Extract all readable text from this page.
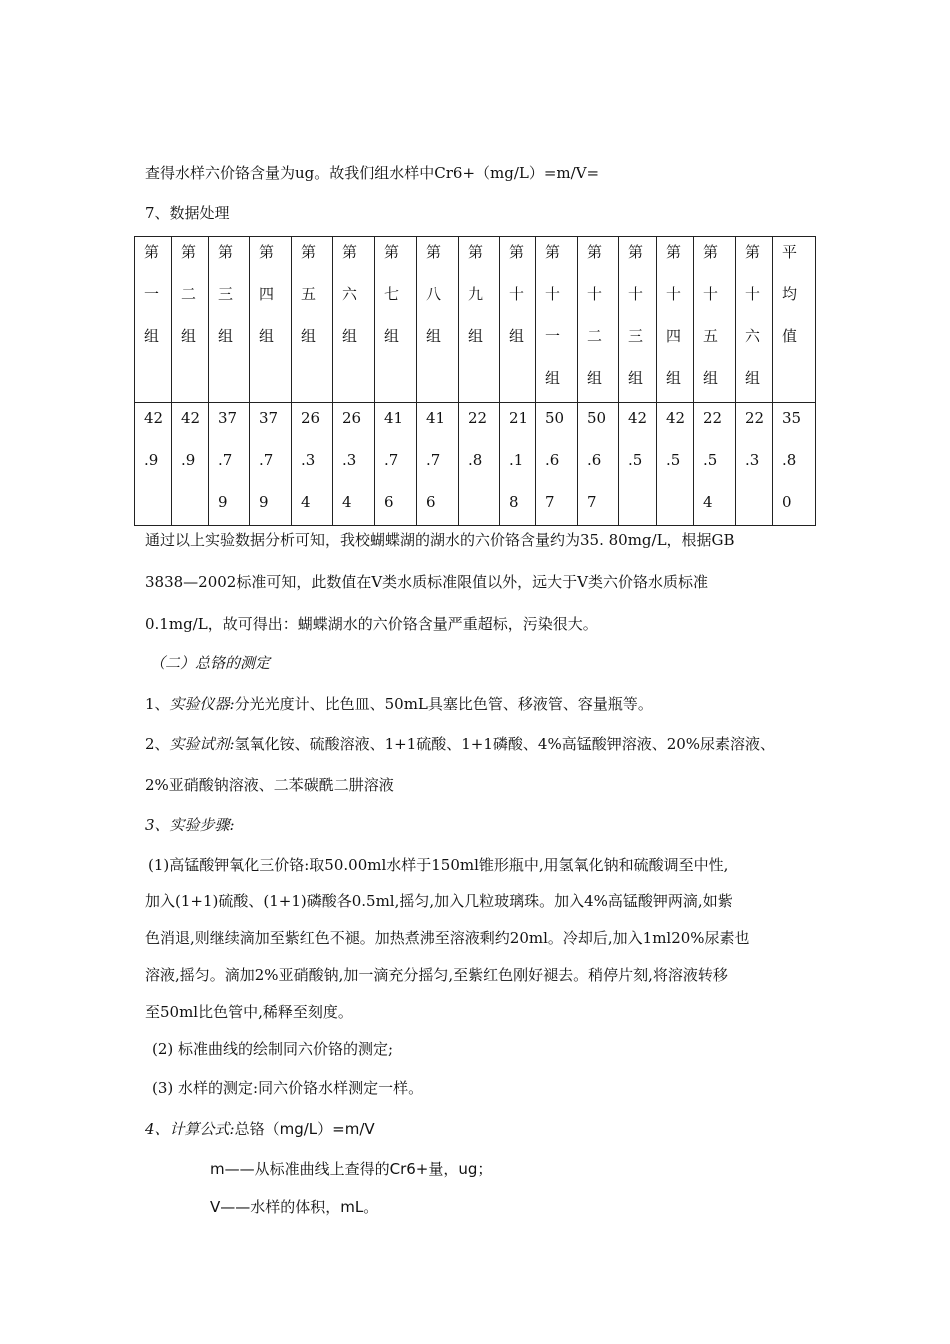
查得水样六价铬含量为ug。故我们组水样中Cr6+（mg/L）=m/V=
7、数据处理
第
一
组
第
二
组
第
三
组
第
四
组
第
五
组
第
六
组
第
七
组
第
八
组
第
九
组
第
十
组
第
十
一
组
第
十
二
组
第
十
三
组
第
十
四
组
第
十
五
组
第
十
六
组
平
均
值
42
.9
42
.9
37
.7
9
37
.7
9
26
.3
4
26
.3
4
41
.7
6
41
.7
6
22
.8
21
.1
8
50
.6
7
50
.6
7
42
.5
42
.5
22
.5
4
22
.3
35
.8
0
通过以上实验数据分析可知，我校蝴蝶湖的湖水的六价铬含量约为35. 80mg/L，根据GB
3838—2002标准可知，此数值在V类水质标准限值以外，远大于V类六价铬水质标准
0.1mg/L，故可得出：蝴蝶湖水的六价铬含量严重超标，污染很大。
（二）总铬的测定
1、实验仪器:分光光度计、比色皿、50mL具塞比色管、移液管、容量瓶等。
2、实验试剂:氢氧化铵、硫酸溶液、1+1硫酸、1+1磷酸、4%高锰酸钾溶液、20%尿素溶液、
2%亚硝酸钠溶液、二苯碳酰二肼溶液
3、实验步骤:
(1)高锰酸钾氧化三价铬:取50.00ml水样于150ml锥形瓶中,用氢氧化钠和硫酸调至中性,
加入(1+1)硫酸、(1+1)磷酸各0.5ml,摇匀,加入几粒玻璃珠。加入4%高锰酸钾两滴,如紫
色消退,则继续滴加至紫红色不褪。加热煮沸至溶液剩约20ml。冷却后,加入1ml20%尿素也
溶液,摇匀。滴加2%亚硝酸钠,加一滴充分摇匀,至紫红色刚好褪去。稍停片刻,将溶液转移
至50ml比色管中,稀释至刻度。
(2) 标准曲线的绘制同六价铬的测定;
(3) 水样的测定:同六价铬水样测定一样。
4、计算公式:总铬（mg/L）=m/V
m——从标准曲线上查得的Cr6+量，ug；
V——水样的体积，mL。
